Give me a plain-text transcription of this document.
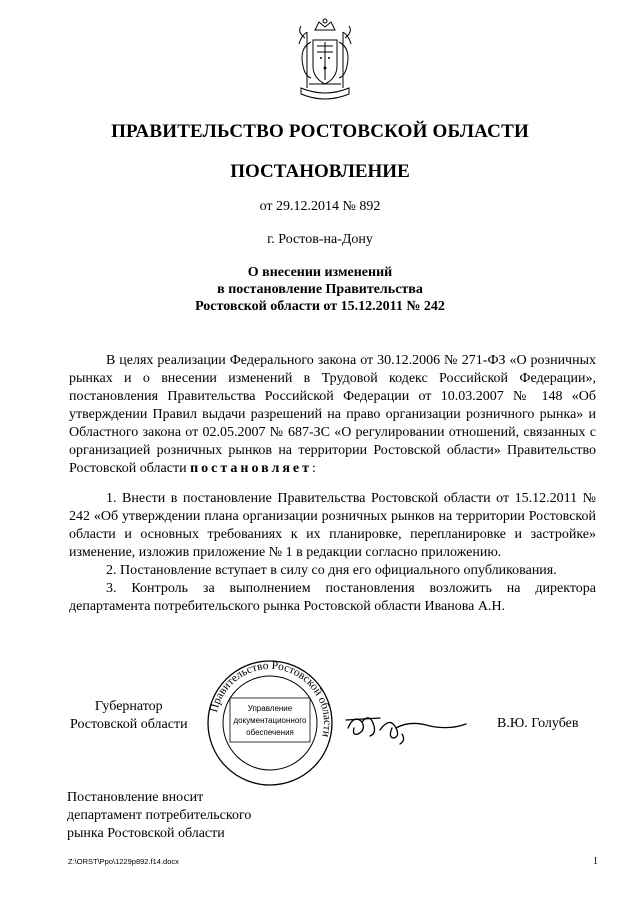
ПРАВИТЕЛЬСТВО РОСТОВСКОЙ ОБЛАСТИ
ПОСТАНОВЛЕНИЕ
от 29.12.2014 № 892
г. Ростов-на-Дону
О внесении изменений
в постановление Правительства
Ростовской области от 15.12.2011 № 242

В целях реализации Федерального закона от 30.12.2006 № 271-ФЗ «О розничных рынках и о внесении изменений в Трудовой кодекс Российской Федерации», постановления Правительства Российской Федерации от 10.03.2007 № 148 «Об утверждении Правил выдачи разрешений на право организации розничного рынка» и Областного закона от 02.05.2007 № 687-ЗС «О регулировании отношений, связанных с организацией розничных рынков на территории Ростовской области» Правительство Ростовской области постановляет:

1. Внести в постановление Правительства Ростовской области от 15.12.2011 № 242 «Об утверждении плана организации розничных рынков на территории Ростовской области и основных требованиях к их планировке, перепланировке и застройке» изменение, изложив приложение № 1 в редакции согласно приложению.

2. Постановление вступает в силу со дня его официального опубликования.

3. Контроль за выполнением постановления возложить на директора департамента потребительского рынка Ростовской области Иванова А.Н.

Губернатор
Ростовской области
Правительство Ростовской области
Управление
документационного
обеспечения
В.Ю. Голубев
Постановление вносит
департамент потребительского
рынка Ростовской области
Z:\ORST\Ppo\1229p892.f14.docx	1
